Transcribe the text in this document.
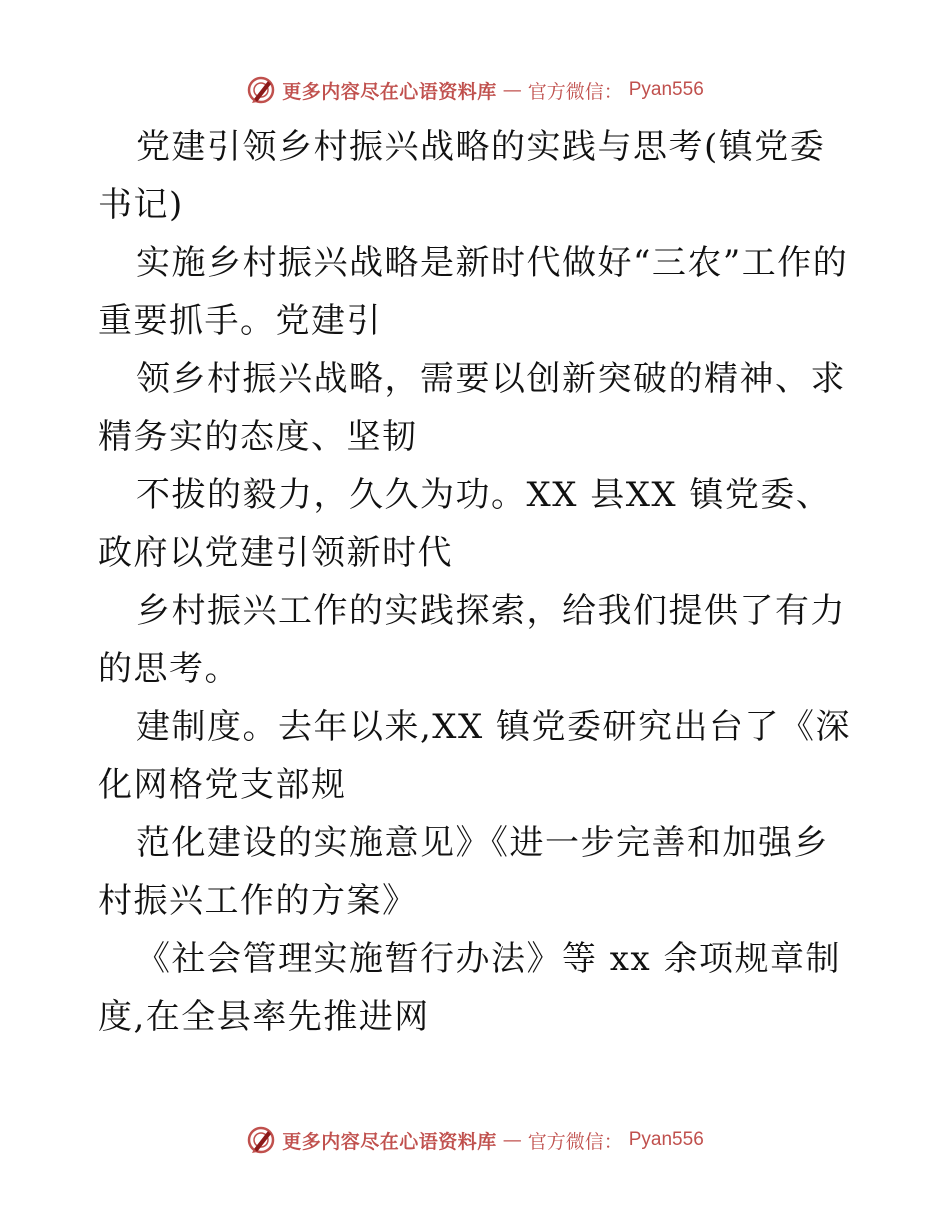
更多内容尽在心语资料库 — 官方微信： Pyan556

党建引领乡村振兴战略的实践与思考(镇党委书记)

实施乡村振兴战略是新时代做好“三农”工作的重要抓手。党建引

领乡村振兴战略，需要以创新突破的精神、求精务实的态度、坚韧

不拔的毅力，久久为功。XX 县XX 镇党委、政府以党建引领新时代

乡村振兴工作的实践探索，给我们提供了有力的思考。

建制度。去年以来,XX 镇党委研究出台了《深化网格党支部规

范化建设的实施意见》《进一步完善和加强乡村振兴工作的方案》

《社会管理实施暂行办法》等 xx 余项规章制度,在全县率先推进网

更多内容尽在心语资料库 — 官方微信： Pyan556
